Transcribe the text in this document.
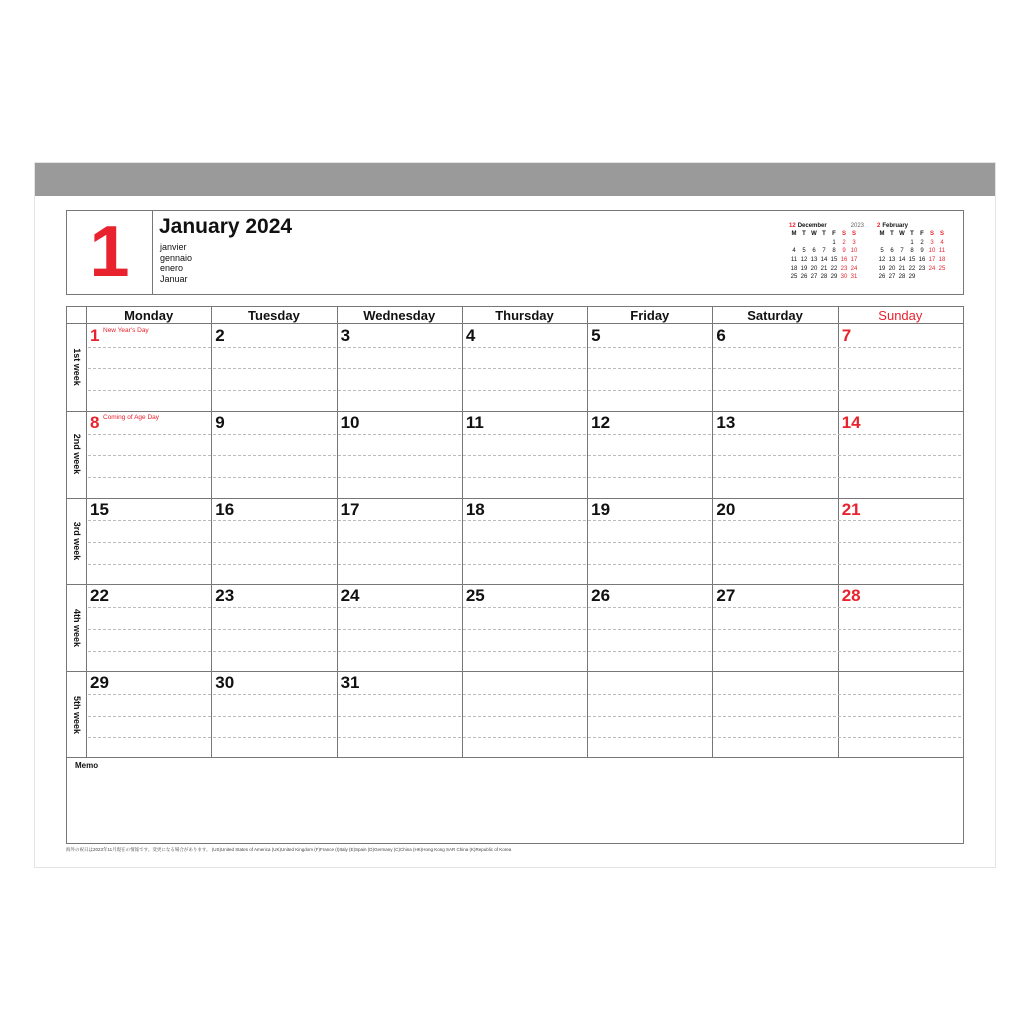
1	January 2024
janvier
gennaio
enero
Januar
12 December	2023
M	T	W	T	F	S	S
				1	2	3
4	5	6	7	8	9	10
11	12	13	14	15	16	17
18	19	20	21	22	23	24
25	26	27	28	29	30	31
2 February
M	T	W	T	F	S	S
			1	2	3	4
5	6	7	8	9	10	11
12	13	14	15	16	17	18
19	20	21	22	23	24	25
26	27	28	29			
Monday	Tuesday	Wednesday	Thursday	Friday	Saturday	Sunday
1st week
1	2	3	4	5	6	7
2nd week
8	9	10	11	12	13	14
3rd week
15	16	17	18	19	20	21
4th week
22	23	24	25	26	27	28
5th week
29	30	31
New Year's Day
Coming of Age Day
Memo
海外の祝日は2023年11月現在の情報です。変更になる場合があります。 (US)United States of America (UK)United Kingdom (F)France (I)Italy (E)Spain (D)Germany (C)China (HK)Hong Kong SAR China (K)Republic of Korea
